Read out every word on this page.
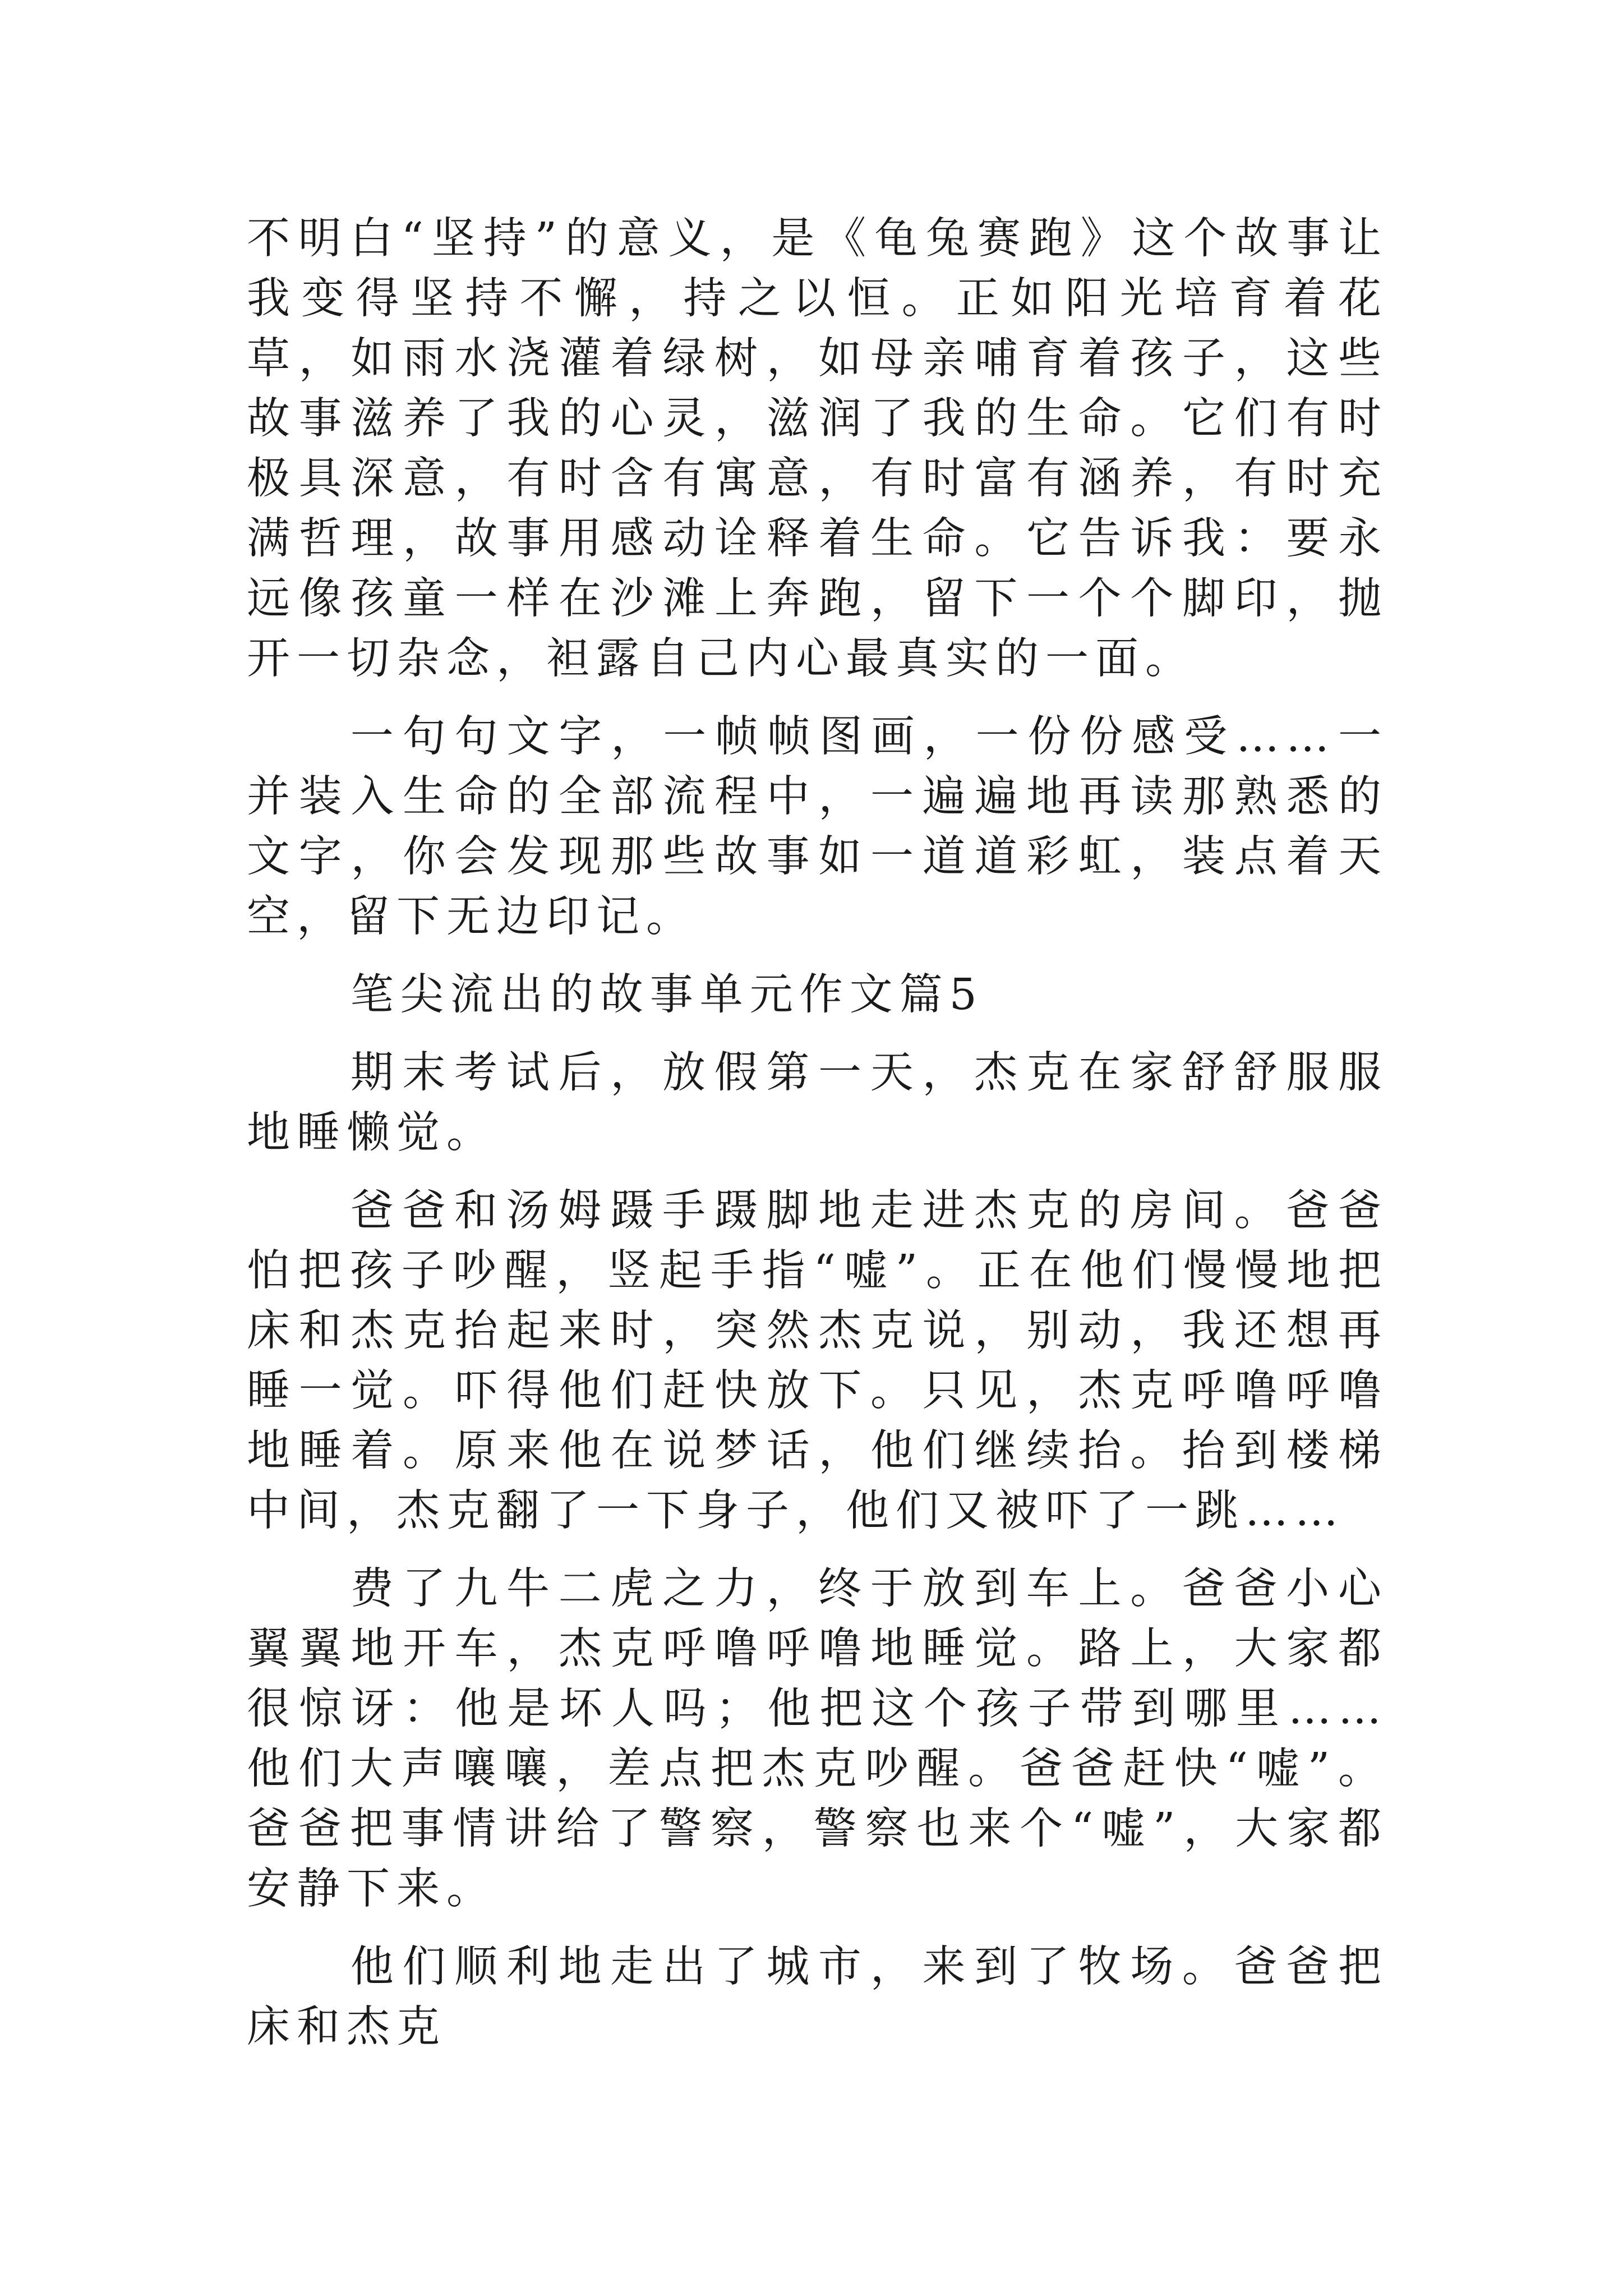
不明白“坚持”的意义，是《龟兔赛跑》这个故事让我变得坚持不懈，持之以恒。正如阳光培育着花草，如雨水浇灌着绿树，如母亲哺育着孩子，这些故事滋养了我的心灵，滋润了我的生命。它们有时极具深意，有时含有寓意，有时富有涵养，有时充满哲理，故事用感动诠释着生命。它告诉我：要永远像孩童一样在沙滩上奔跑，留下一个个脚印，抛开一切杂念，袒露自己内心最真实的一面。

一句句文字，一帧帧图画，一份份感受……一并装入生命的全部流程中，一遍遍地再读那熟悉的文字，你会发现那些故事如一道道彩虹，装点着天空，留下无边印记。

笔尖流出的故事单元作文篇5

期末考试后，放假第一天，杰克在家舒舒服服地睡懒觉。

爸爸和汤姆蹑手蹑脚地走进杰克的房间。爸爸怕把孩子吵醒，竖起手指“嘘”。正在他们慢慢地把床和杰克抬起来时，突然杰克说，别动，我还想再睡一觉。吓得他们赶快放下。只见，杰克呼噜呼噜地睡着。原来他在说梦话，他们继续抬。抬到楼梯中间，杰克翻了一下身子，他们又被吓了一跳……

费了九牛二虎之力，终于放到车上。爸爸小心翼翼地开车，杰克呼噜呼噜地睡觉。路上，大家都很惊讶：他是坏人吗；他把这个孩子带到哪里……他们大声嚷嚷，差点把杰克吵醒。爸爸赶快“嘘”。爸爸把事情讲给了警察，警察也来个“嘘”，大家都安静下来。

他们顺利地走出了城市，来到了牧场。爸爸把床和杰克
